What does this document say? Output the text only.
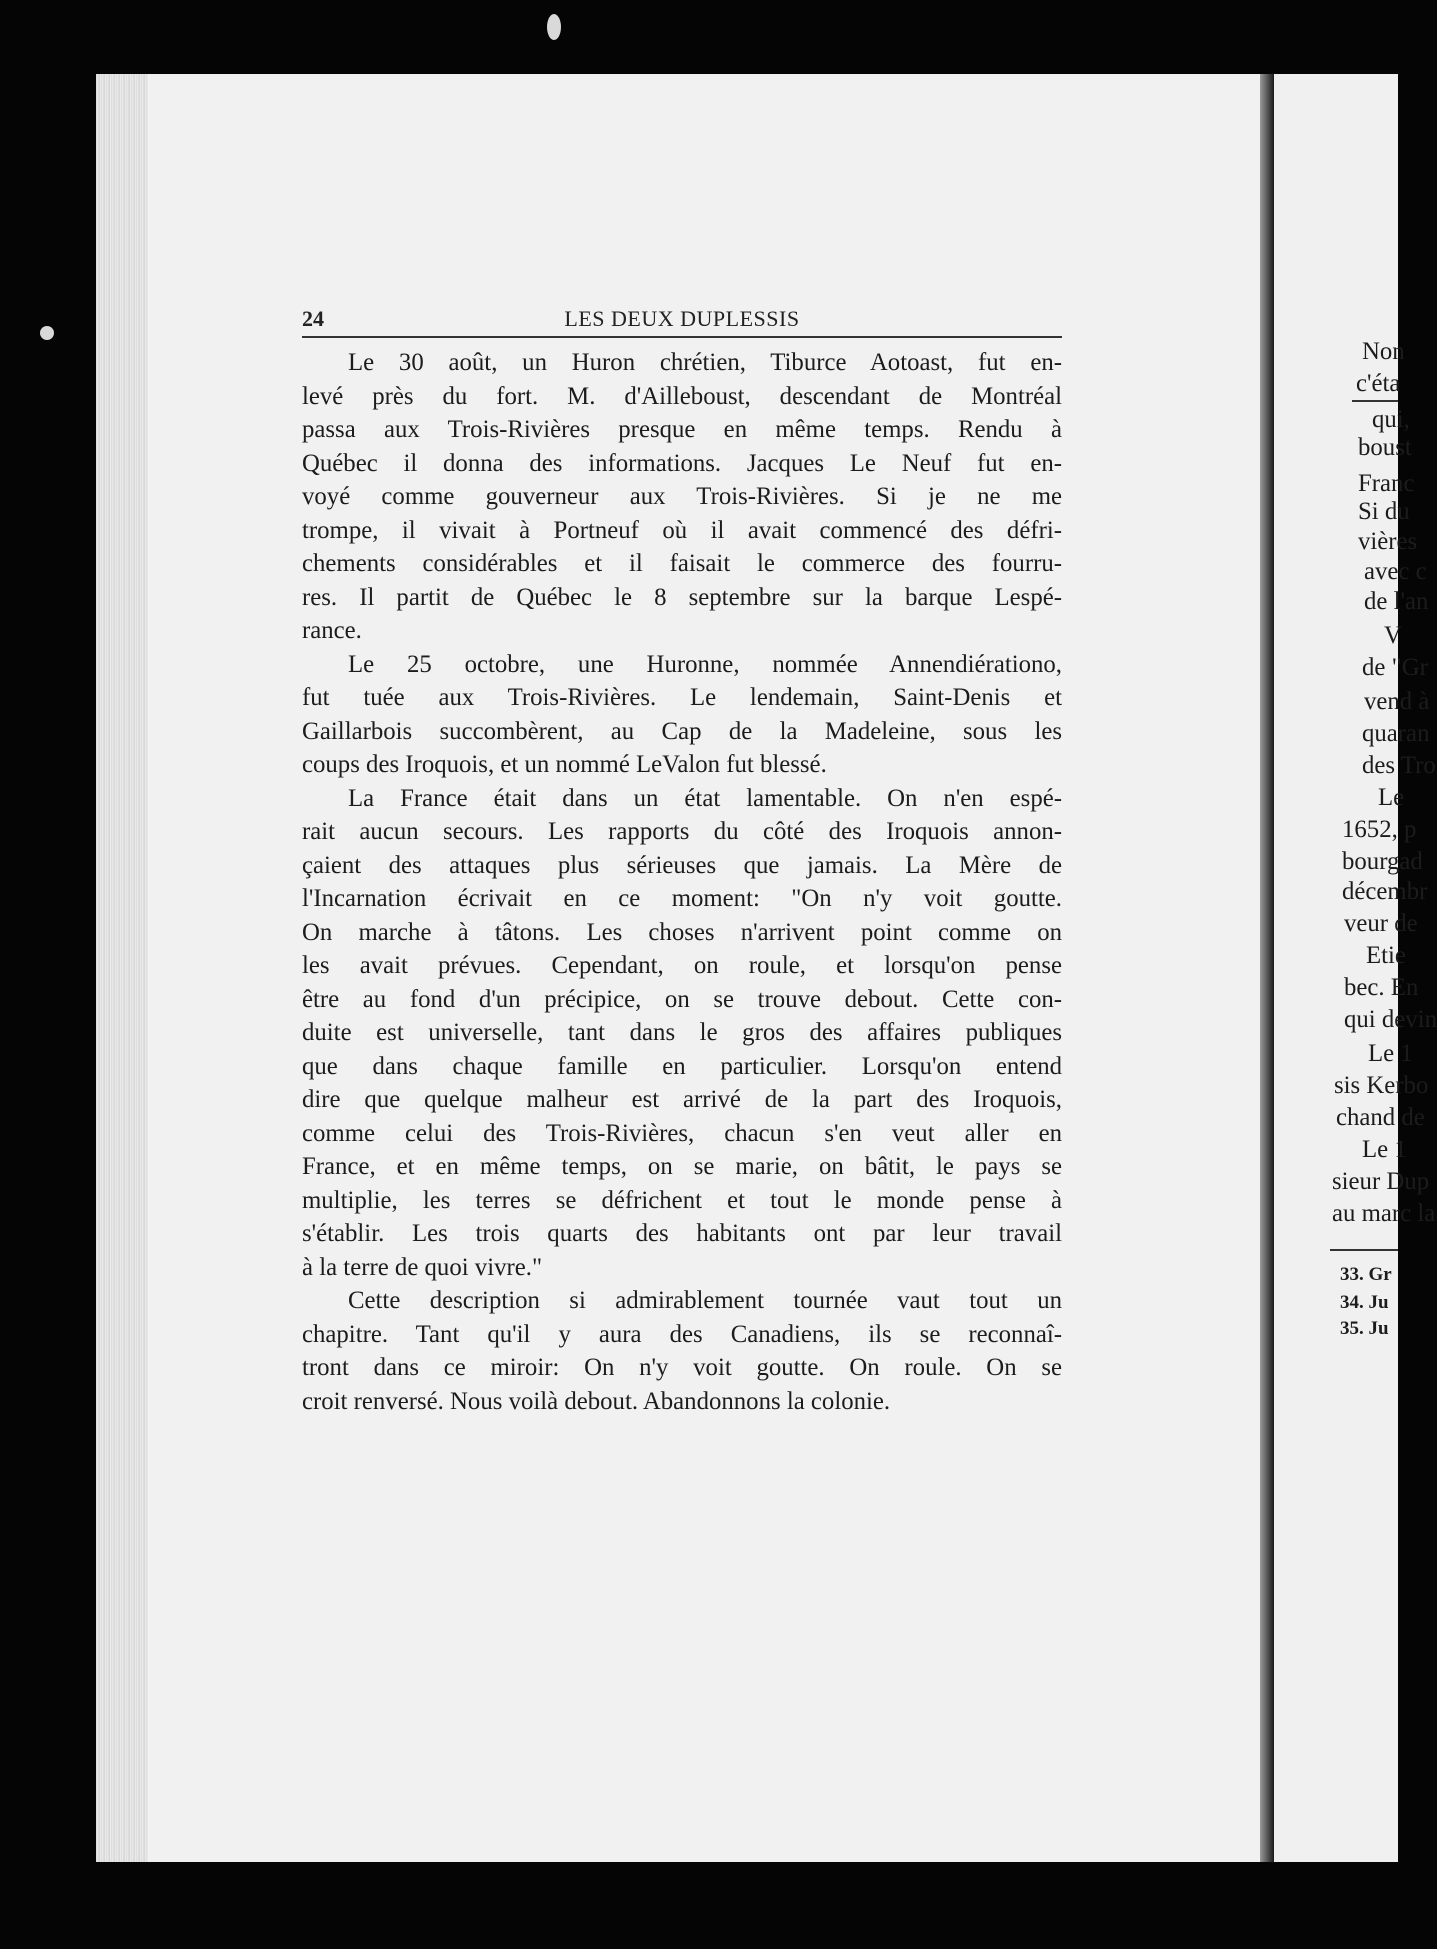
24	LES DEUX DUPLESSIS
Le 30 août, un Huron chrétien, Tiburce Aotoast, fut en-
levé près du fort. M. d'Ailleboust, descendant de Montréal
passa aux Trois-Rivières presque en même temps. Rendu à
Québec il donna des informations. Jacques Le Neuf fut en-
voyé comme gouverneur aux Trois-Rivières. Si je ne me
trompe, il vivait à Portneuf où il avait commencé des défri-
chements considérables et il faisait le commerce des fourru-
res. Il partit de Québec le 8 septembre sur la barque Lespé-
rance.
Le 25 octobre, une Huronne, nommée Annendiérationo,
fut tuée aux Trois-Rivières. Le lendemain, Saint-Denis et
Gaillarbois succombèrent, au Cap de la Madeleine, sous les
coups des Iroquois, et un nommé LeValon fut blessé.
La France était dans un état lamentable. On n'en espé-
rait aucun secours. Les rapports du côté des Iroquois annon-
çaient des attaques plus sérieuses que jamais. La Mère de
l'Incarnation écrivait en ce moment: "On n'y voit goutte.
On marche à tâtons. Les choses n'arrivent point comme on
les avait prévues. Cependant, on roule, et lorsqu'on pense
être au fond d'un précipice, on se trouve debout. Cette con-
duite est universelle, tant dans le gros des affaires publiques
que dans chaque famille en particulier. Lorsqu'on entend
dire que quelque malheur est arrivé de la part des Iroquois,
comme celui des Trois-Rivières, chacun s'en veut aller en
France, et en même temps, on se marie, on bâtit, le pays se
multiplie, les terres se défrichent et tout le monde pense à
s'établir. Les trois quarts des habitants ont par leur travail
à la terre de quoi vivre."
Cette description si admirablement tournée vaut tout un
chapitre. Tant qu'il y aura des Canadiens, ils se reconnaî-
tront dans ce miroir: On n'y voit goutte. On roule. On se
croit renversé. Nous voilà debout. Abandonnons la colonie.
Non
c'éta
qui,
boust
Franc
Si du
vières
avec c
de l'an
V
de "Gr
vend à
quaran
des Tro
Le
1652, p
bourgad
décembr
veur de
Etie
bec. En
qui devin
Le 1
sis Kerbo
chand de
Le 1
sieur Dup
au marc la
33. Gr
34. Ju
35. Ju
